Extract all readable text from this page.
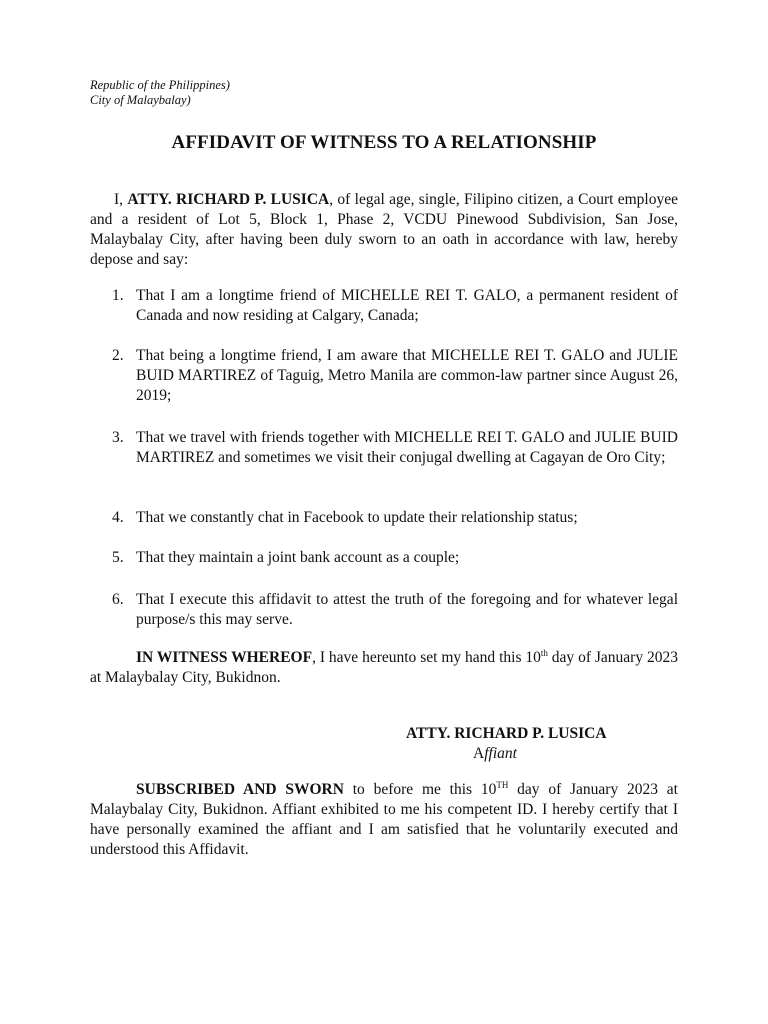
Republic of the Philippines)
City of Malaybalay)
AFFIDAVIT OF WITNESS TO A RELATIONSHIP
I, ATTY. RICHARD P. LUSICA, of legal age, single, Filipino citizen, a Court employee and a resident of Lot 5, Block 1, Phase 2, VCDU Pinewood Subdivision, San Jose, Malaybalay City, after having been duly sworn to an oath in accordance with law, hereby depose and say:
1. That I am a longtime friend of MICHELLE REI T. GALO, a permanent resident of Canada and now residing at Calgary, Canada;
2. That being a longtime friend, I am aware that MICHELLE REI T. GALO and JULIE BUID MARTIREZ of Taguig, Metro Manila are common-law partner since August 26, 2019;
3. That we travel with friends together with MICHELLE REI T. GALO and JULIE BUID MARTIREZ and sometimes we visit their conjugal dwelling at Cagayan de Oro City;
4. That we constantly chat in Facebook to update their relationship status;
5. That they maintain a joint bank account as a couple;
6. That I execute this affidavit to attest the truth of the foregoing and for whatever legal purpose/s this may serve.
IN WITNESS WHEREOF, I have hereunto set my hand this 10th day of January 2023 at Malaybalay City, Bukidnon.
ATTY. RICHARD P. LUSICA
Affiant
SUBSCRIBED AND SWORN to before me this 10TH day of January 2023 at Malaybalay City, Bukidnon. Affiant exhibited to me his competent ID. I hereby certify that I have personally examined the affiant and I am satisfied that he voluntarily executed and understood this Affidavit.
